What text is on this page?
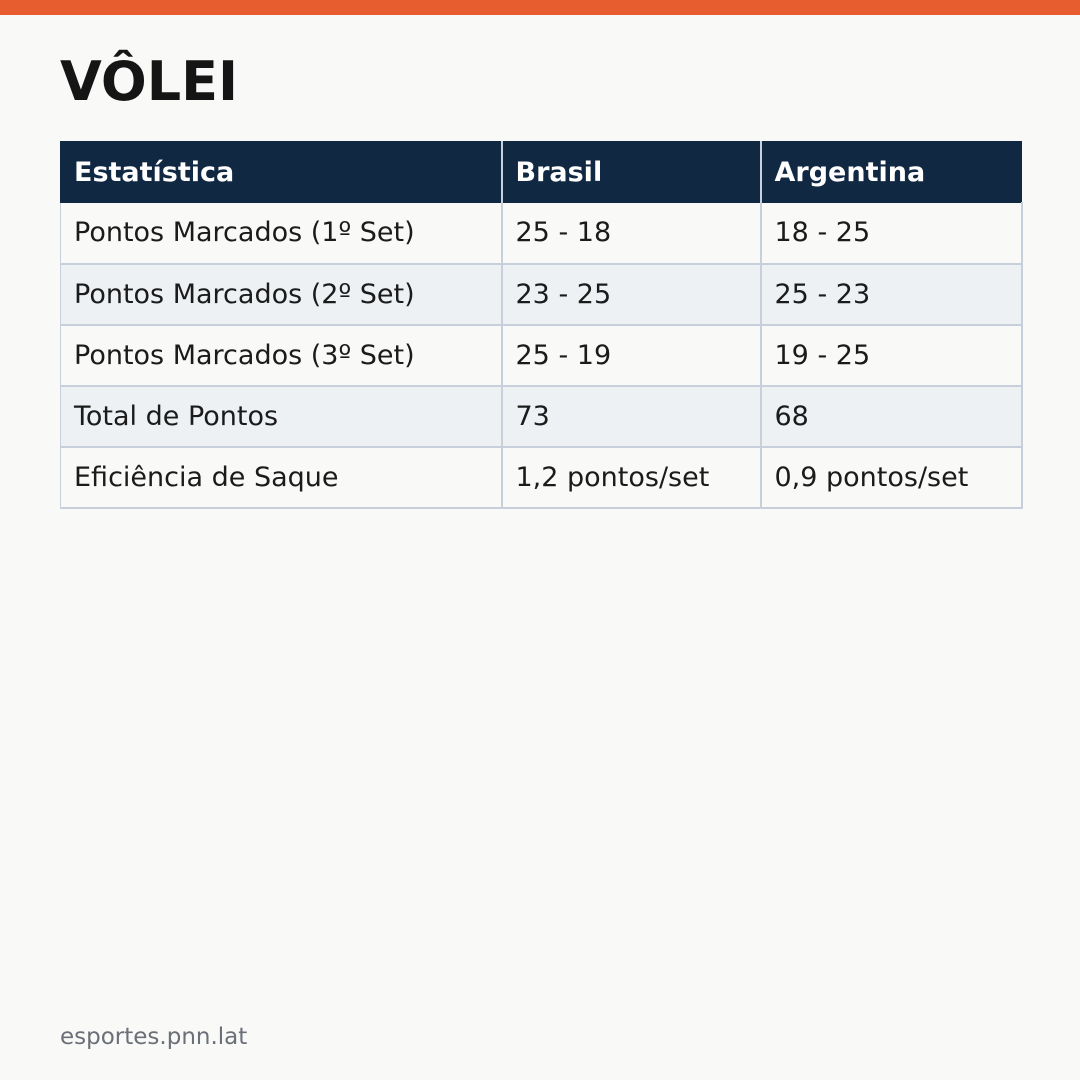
VÔLEI
Estatística	Brasil	Argentina
Pontos Marcados (1º Set)	25 - 18	18 - 25
Pontos Marcados (2º Set)	23 - 25	25 - 23
Pontos Marcados (3º Set)	25 - 19	19 - 25
Total de Pontos	73	68
Eficiência de Saque	1,2 pontos/set	0,9 pontos/set
esportes.pnn.lat
